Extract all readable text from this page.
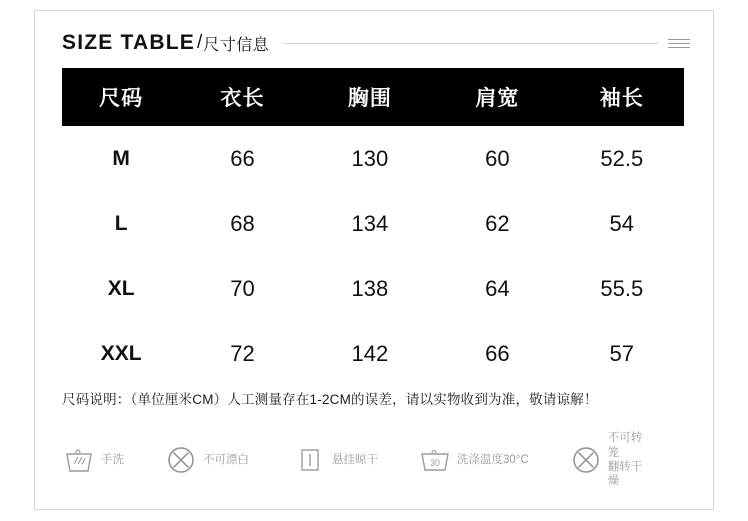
SIZE TABLE / 尺寸信息
尺码	衣长	胸围	肩宽	袖长
M	66	130	60	52.5
L	68	134	62	54
XL	70	138	64	55.5
XXL	72	142	66	57
尺码说明：（单位厘米CM）人工测量存在1-2CM的误差，请以实物收到为准，敬请谅解！
手洗	不可漂白	悬挂晾干	30 洗涤温度30°C
不可转笼
翻转干燥
